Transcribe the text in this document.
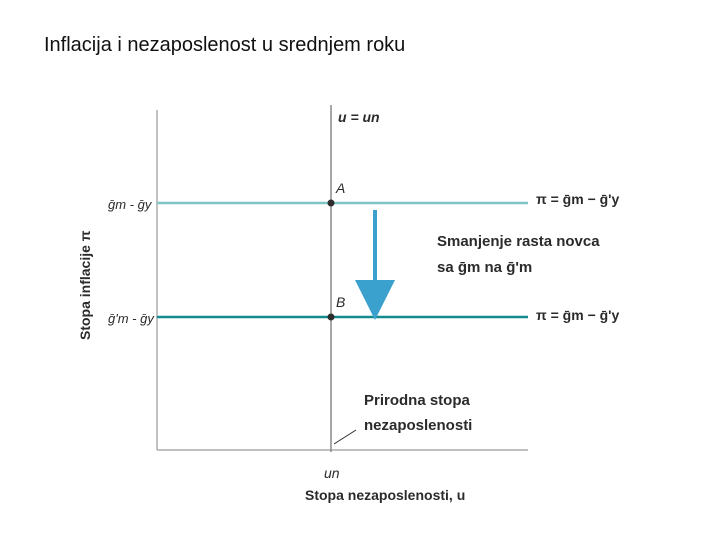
Inflacija i nezaposlenost u srednjem roku
u = un
A
B
ḡm - ḡy
ḡ'm - ḡy
π = ḡm − ḡ'y
π = ḡm − ḡ'y
Smanjenje rasta novca
sa ḡm na ḡ'm
Prirodna stopa
nezaposlenosti
un
Stopa nezaposlenosti, u
Stopa inflacije π
